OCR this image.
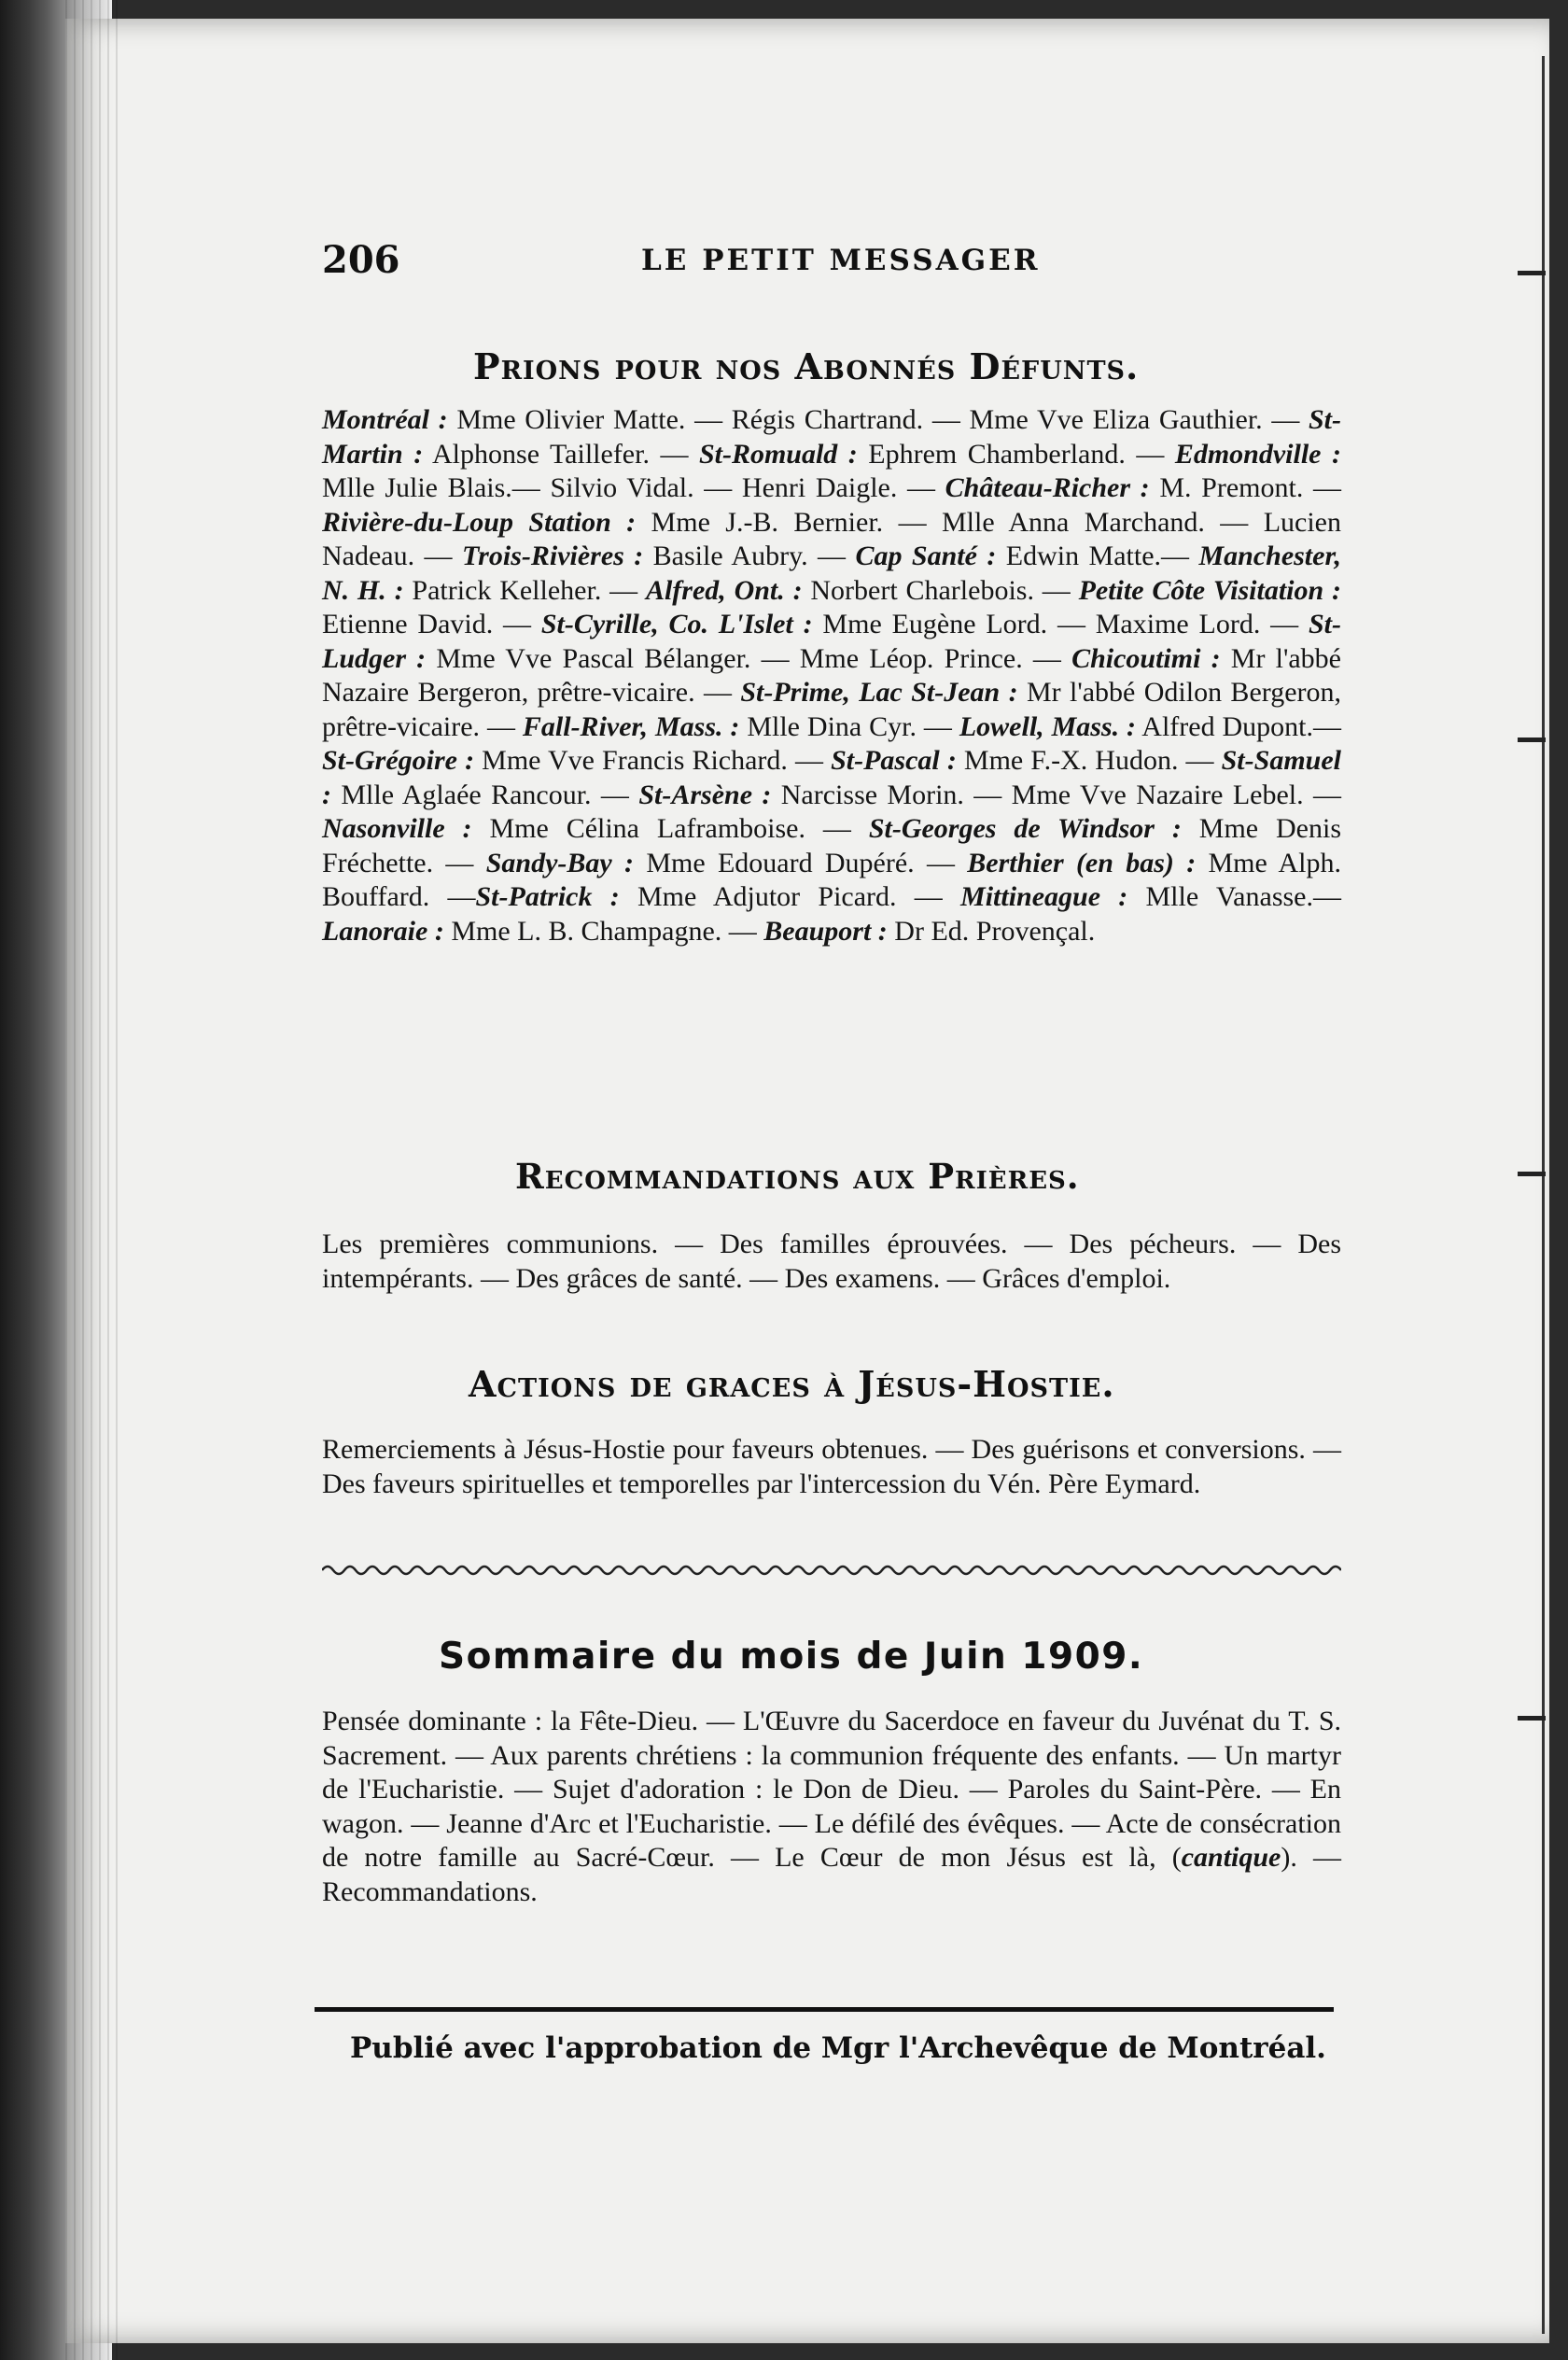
206	LE PETIT MESSAGER
Prions pour nos Abonnés Défunts.

Montréal : Mme Olivier Matte. — Régis Chartrand. — Mme Vve Eliza Gauthier. — St-Martin : Alphonse Taillefer. — St-Romuald : Ephrem Chamberland. — Edmondville : Mlle Julie Blais.— Silvio Vidal. — Henri Daigle. — Château-Richer : M. Premont. — Rivière-du-Loup Station : Mme J.-B. Bernier. — Mlle Anna Marchand. — Lucien Nadeau. — Trois-Rivières : Basile Aubry. — Cap Santé : Edwin Matte.— Manchester, N. H. : Patrick Kelleher. — Alfred, Ont. : Norbert Charlebois. — Petite Côte Visitation : Etienne David. — St-Cyrille, Co. L'Islet : Mme Eugène Lord. — Maxime Lord. — St-Ludger : Mme Vve Pascal Bélanger. — Mme Léop. Prince. — Chicoutimi : Mr l'abbé Nazaire Bergeron, prêtre-vicaire. — St-Prime, Lac St-Jean : Mr l'abbé Odilon Bergeron, prêtre-vicaire. — Fall-River, Mass. : Mlle Dina Cyr. — Lowell, Mass. : Alfred Dupont.— St-Grégoire : Mme Vve Francis Richard. — St-Pascal : Mme F.-X. Hudon. — St-Samuel : Mlle Aglaée Rancour. — St-Arsène : Narcisse Morin. — Mme Vve Nazaire Lebel. — Nasonville : Mme Célina Laframboise. — St-Georges de Windsor : Mme Denis Fréchette. — Sandy-Bay : Mme Edouard Dupéré. — Berthier (en bas) : Mme Alph. Bouffard. —St-Patrick : Mme Adjutor Picard. — Mittineague : Mlle Vanasse.— Lanoraie : Mme L. B. Champagne. — Beauport : Dr Ed. Provençal.

Recommandations aux Prières.

Les premières communions. — Des familles éprouvées. — Des pécheurs. — Des intempérants. — Des grâces de santé. — Des examens. — Grâces d'emploi.

Actions de graces à Jésus-Hostie.

Remerciements à Jésus-Hostie pour faveurs obtenues. — Des guérisons et conversions. — Des faveurs spirituelles et temporelles par l'intercession du Vén. Père Eymard.

Sommaire du mois de Juin 1909.

Pensée dominante : la Fête-Dieu. — L'Œuvre du Sacerdoce en faveur du Juvénat du T. S. Sacrement. — Aux parents chrétiens : la communion fréquente des enfants. — Un martyr de l'Eucharistie. — Sujet d'adoration : le Don de Dieu. — Paroles du Saint-Père. — En wagon. — Jeanne d'Arc et l'Eucharistie. — Le défilé des évêques. — Acte de consécration de notre famille au Sacré-Cœur. — Le Cœur de mon Jésus est là, (cantique). — Recommandations.

Publié avec l'approbation de Mgr l'Archevêque de Montréal.
